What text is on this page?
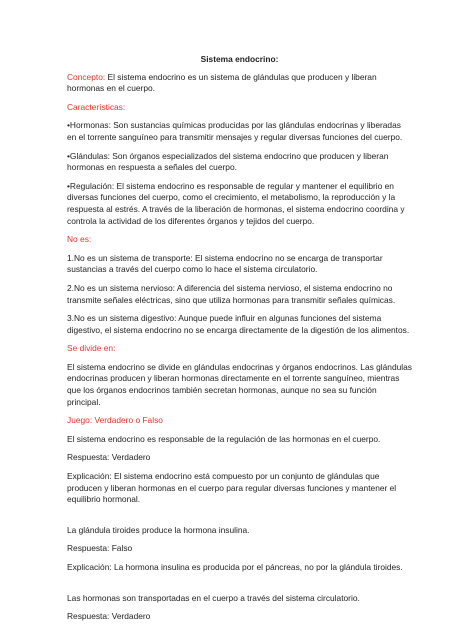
Sistema endocrino:

Concepto: El sistema endocrino es un sistema de glándulas que producen y liberan hormonas en el cuerpo.

Características:

•Hormonas: Son sustancias químicas producidas por las glándulas endocrinas y liberadas en el torrente sanguíneo para transmitir mensajes y regular diversas funciones del cuerpo.

•Glándulas: Son órganos especializados del sistema endocrino que producen y liberan hormonas en respuesta a señales del cuerpo.

•Regulación: El sistema endocrino es responsable de regular y mantener el equilibrio en diversas funciones del cuerpo, como el crecimiento, el metabolismo, la reproducción y la respuesta al estrés. A través de la liberación de hormonas, el sistema endocrino coordina y controla la actividad de los diferentes órganos y tejidos del cuerpo.

No es:

1.No es un sistema de transporte: El sistema endocrino no se encarga de transportar sustancias a través del cuerpo como lo hace el sistema circulatorio.

2.No es un sistema nervioso: A diferencia del sistema nervioso, el sistema endocrino no transmite señales eléctricas, sino que utiliza hormonas para transmitir señales químicas.

3.No es un sistema digestivo: Aunque puede influir en algunas funciones del sistema digestivo, el sistema endocrino no se encarga directamente de la digestión de los alimentos.

Se divide en:

El sistema endocrino se divide en glándulas endocrinas y órganos endocrinos. Las glándulas endocrinas producen y liberan hormonas directamente en el torrente sanguíneo, mientras que los órganos endocrinos también secretan hormonas, aunque no sea su función principal.

Juego: Verdadero o Falso

El sistema endocrino es responsable de la regulación de las hormonas en el cuerpo.

Respuesta: Verdadero

Explicación: El sistema endocrino está compuesto por un conjunto de glándulas que producen y liberan hormonas en el cuerpo para regular diversas funciones y mantener el equilibrio hormonal.

La glándula tiroides produce la hormona insulina.

Respuesta: Falso

Explicación: La hormona insulina es producida por el páncreas, no por la glándula tiroides.

Las hormonas son transportadas en el cuerpo a través del sistema circulatorio.

Respuesta: Verdadero
